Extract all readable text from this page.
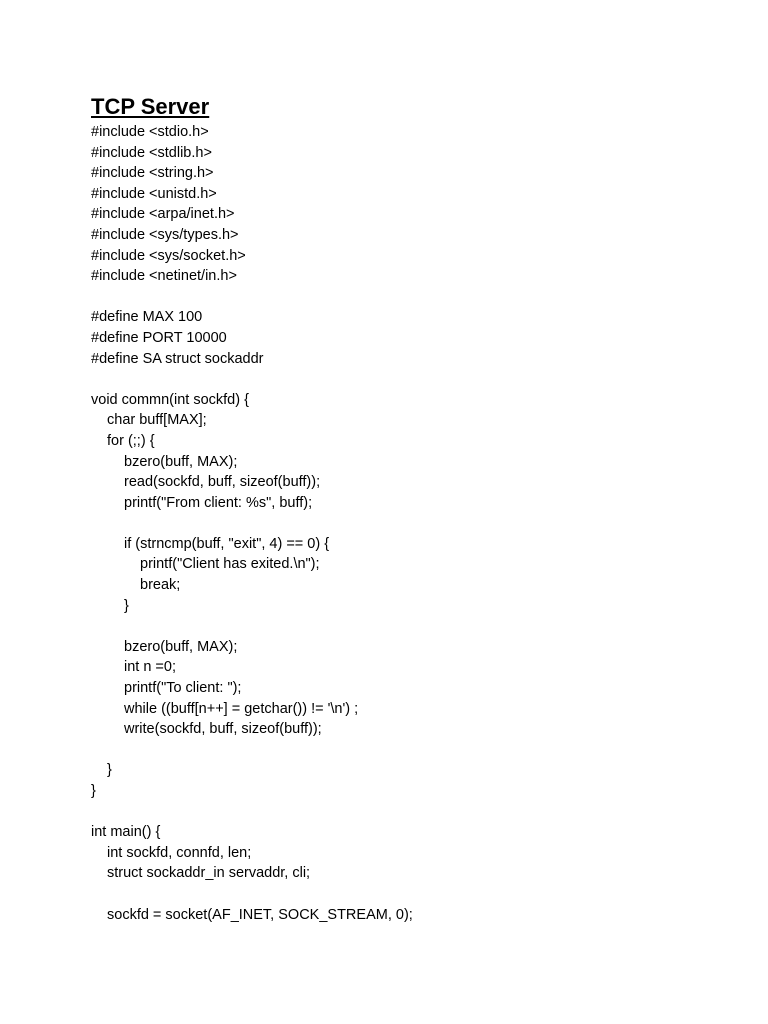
TCP Server
#include <stdio.h>
#include <stdlib.h>
#include <string.h>
#include <unistd.h>
#include <arpa/inet.h>
#include <sys/types.h>
#include <sys/socket.h>
#include <netinet/in.h>
#define MAX 100
#define PORT 10000
#define SA struct sockaddr
void commn(int sockfd) {
char buff[MAX];
for (;;) {
bzero(buff, MAX);
read(sockfd, buff, sizeof(buff));
printf("From client: %s", buff);
if (strncmp(buff, "exit", 4) == 0) {
printf("Client has exited.\n");
break;
}
bzero(buff, MAX);
int n =0;
printf("To client: ");
while ((buff[n++] = getchar()) != '\n') ;
write(sockfd, buff, sizeof(buff));
}
}
int main() {
int sockfd, connfd, len;
struct sockaddr_in servaddr, cli;
sockfd = socket(AF_INET, SOCK_STREAM, 0);
